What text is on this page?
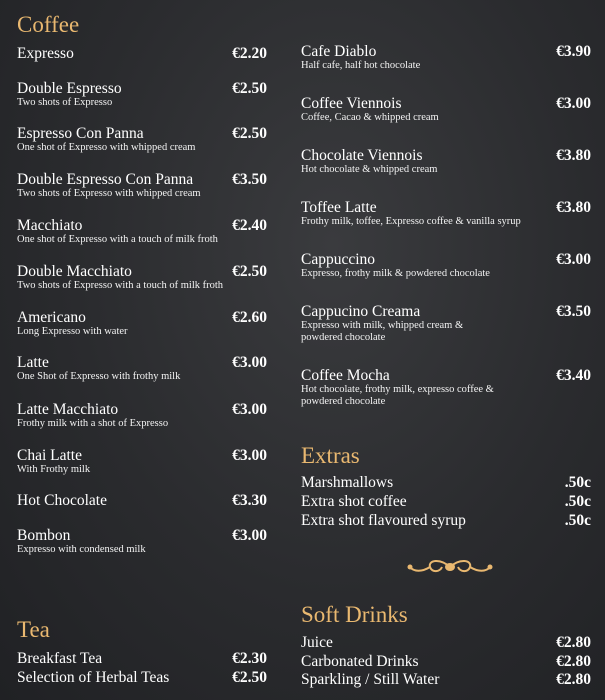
Coffee
Expresso	€2.20
Double Espresso	€2.50
Two shots of Expresso
Espresso Con Panna	€2.50
One shot of Expresso with whipped cream
Double Espresso Con Panna	€3.50
Two shots of Expresso with whipped cream
Macchiato	€2.40
One shot of Expresso with a touch of milk froth
Double Macchiato	€2.50
Two shots of Expresso with a touch of milk froth
Americano	€2.60
Long Expresso with water
Latte	€3.00
One Shot of Expresso with frothy milk
Latte Macchiato	€3.00
Frothy milk with a shot of Expresso
Chai Latte	€3.00
With Frothy milk
Hot Chocolate	€3.30
Bombon	€3.00
Expresso with condensed milk
Tea
Breakfast Tea	€2.30
Selection of Herbal Teas	€2.50
Cafe Diablo	€3.90
Half cafe, half hot chocolate
Coffee Viennois	€3.00
Coffee, Cacao & whipped cream
Chocolate Viennois	€3.80
Hot chocolate & whipped cream
Toffee Latte	€3.80
Frothy milk, toffee, Expresso coffee & vanilla syrup
Cappuccino	€3.00
Expresso, frothy milk & powdered chocolate
Cappucino Creama	€3.50
Expresso with milk, whipped cream & powdered chocolate
Coffee Mocha	€3.40
Hot chocolate, frothy milk, expresso coffee & powdered chocolate
Extras
Marshmallows	.50c
Extra shot coffee	.50c
Extra shot flavoured syrup	.50c
Soft Drinks
Juice	€2.80
Carbonated Drinks	€2.80
Sparkling / Still Water	€2.80
